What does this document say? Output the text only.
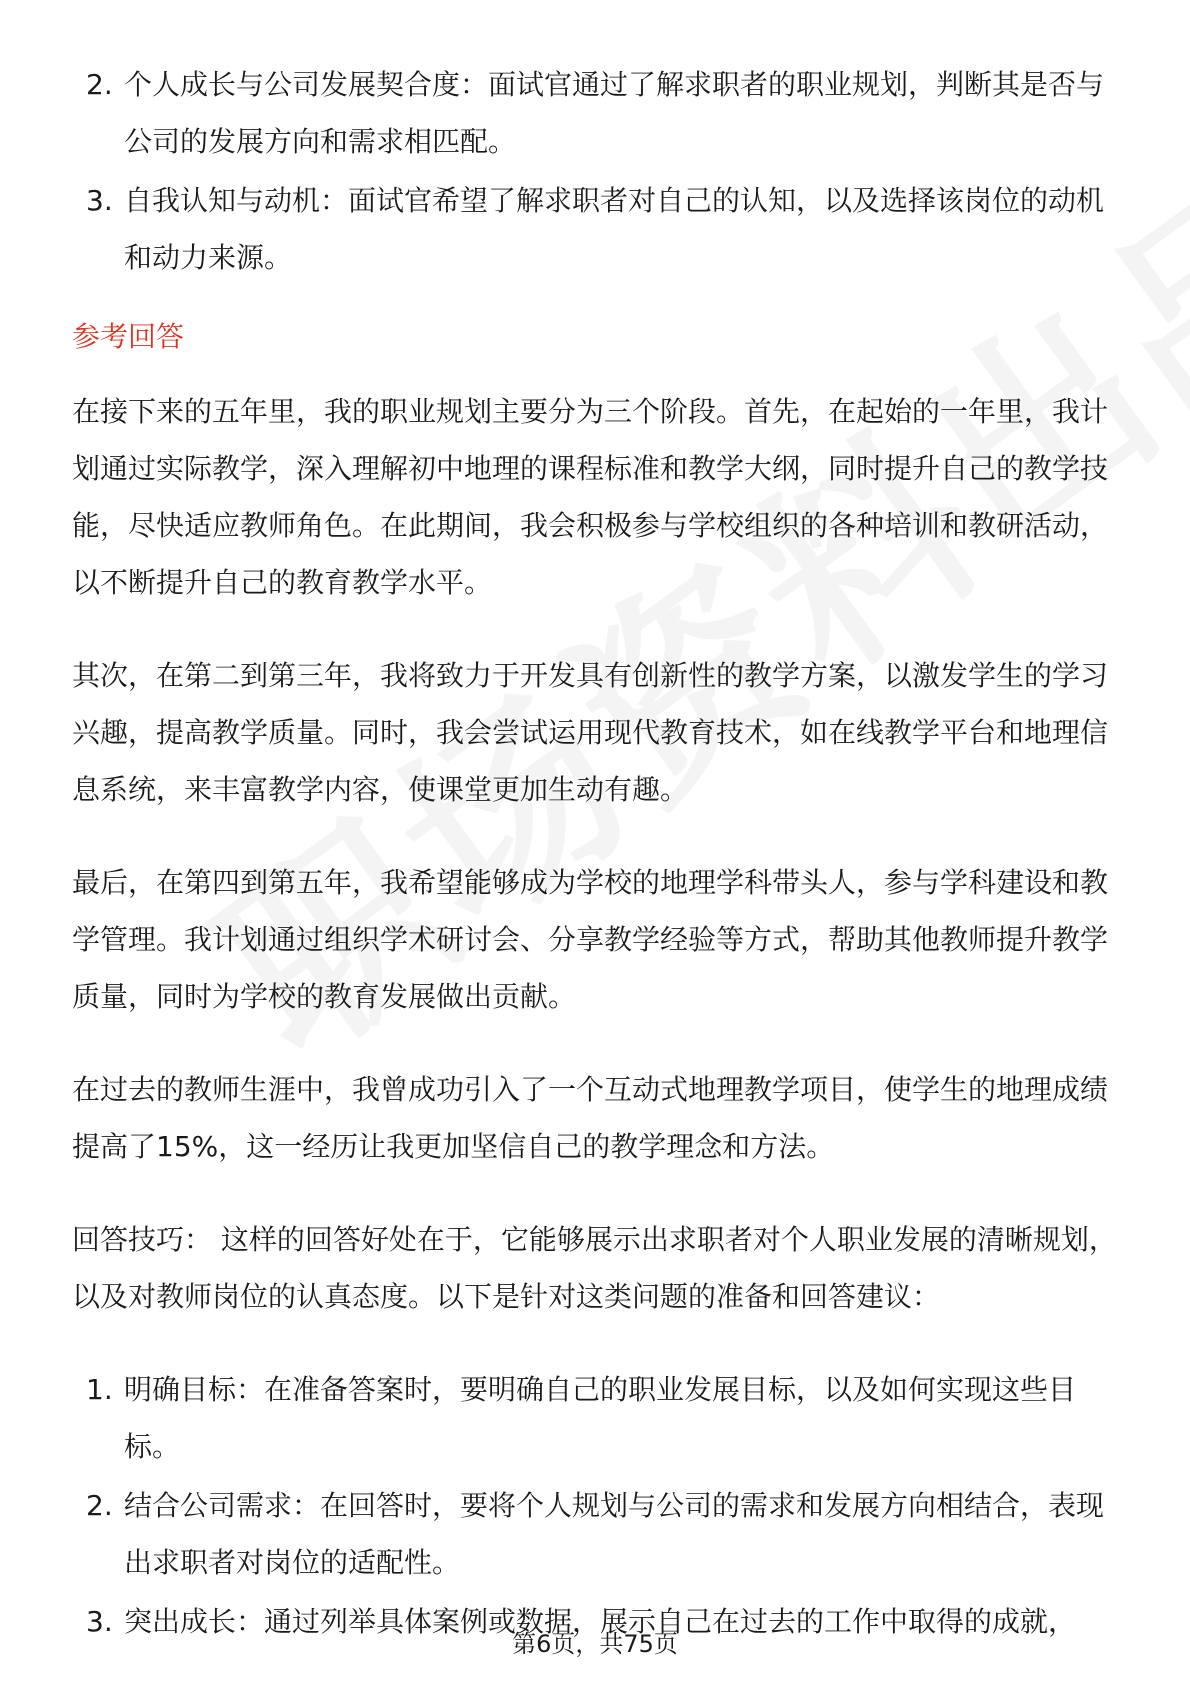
2. 个人成长与公司发展契合度：面试官通过了解求职者的职业规划，判断其是否与公司的发展方向和需求相匹配。
3. 自我认知与动机：面试官希望了解求职者对自己的认知，以及选择该岗位的动机和动力来源。
参考回答

在接下来的五年里，我的职业规划主要分为三个阶段。首先，在起始的一年里，我计划通过实际教学，深入理解初中地理的课程标准和教学大纲，同时提升自己的教学技能，尽快适应教师角色。在此期间，我会积极参与学校组织的各种培训和教研活动，以不断提升自己的教育教学水平。

其次，在第二到第三年，我将致力于开发具有创新性的教学方案，以激发学生的学习兴趣，提高教学质量。同时，我会尝试运用现代教育技术，如在线教学平台和地理信息系统，来丰富教学内容，使课堂更加生动有趣。

最后，在第四到第五年，我希望能够成为学校的地理学科带头人，参与学科建设和教学管理。我计划通过组织学术研讨会、分享教学经验等方式，帮助其他教师提升教学质量，同时为学校的教育发展做出贡献。

在过去的教师生涯中，我曾成功引入了一个互动式地理教学项目，使学生的地理成绩提高了15%，这一经历让我更加坚信自己的教学理念和方法。

回答技巧： 这样的回答好处在于，它能够展示出求职者对个人职业发展的清晰规划，以及对教师岗位的认真态度。以下是针对这类问题的准备和回答建议：

1. 明确目标：在准备答案时，要明确自己的职业发展目标，以及如何实现这些目标。
2. 结合公司需求：在回答时，要将个人规划与公司的需求和发展方向相结合，表现出求职者对岗位的适配性。
3. 突出成长：通过列举具体案例或数据，展示自己在过去的工作中取得的成就，
第6页，共75页
